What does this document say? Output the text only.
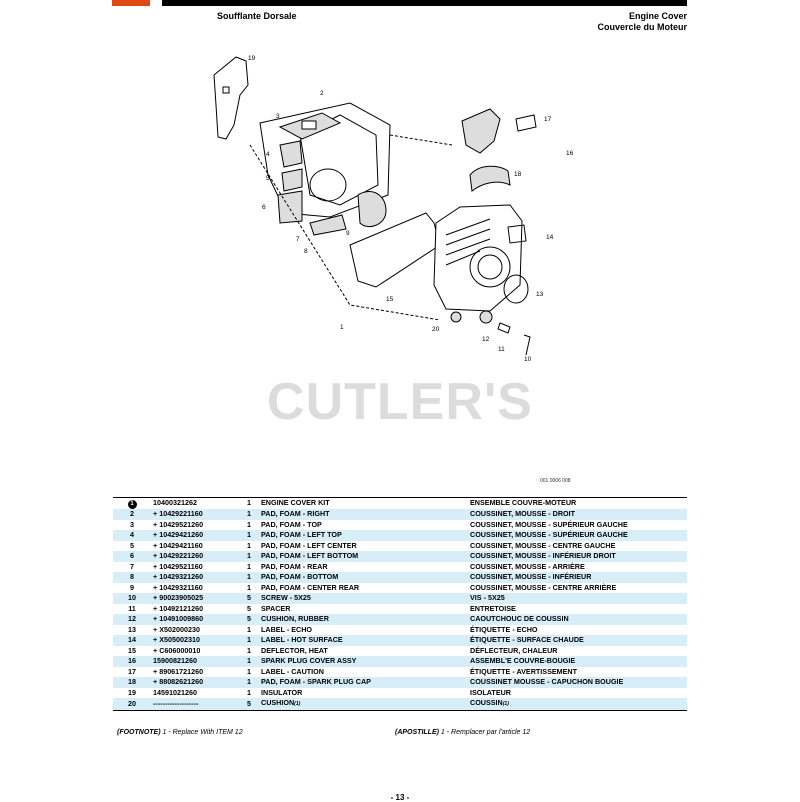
Soufflante Dorsale	Engine Cover
Couvercle du Moteur
19
2
3
4
5
6
7
8
9
17
16
18
14
13
15
1	20
12
11
10
CUTLER'S
001 0006 008
1	10400321262	1	ENGINE COVER KIT	ENSEMBLE COUVRE-MOTEUR
2	+ 10429221160	1	PAD, FOAM - RIGHT	COUSSINET, MOUSSE - DROIT
3	+ 10429521260	1	PAD, FOAM - TOP	COUSSINET, MOUSSE - SUPÉRIEUR GAUCHE
4	+ 10429421260	1	PAD, FOAM - LEFT TOP	COUSSINET, MOUSSE - SUPÉRIEUR GAUCHE
5	+ 10429421160	1	PAD, FOAM - LEFT CENTER	COUSSINET, MOUSSE - CENTRE GAUCHE
6	+ 10429221260	1	PAD, FOAM - LEFT BOTTOM	COUSSINET, MOUSSE - INFÉRIEUR DROIT
7	+ 10429521160	1	PAD, FOAM - REAR	COUSSINET, MOUSSE - ARRIÈRE
8	+ 10429321260	1	PAD, FOAM - BOTTOM	COUSSINET, MOUSSE - INFÉRIEUR
9	+ 10429321160	1	PAD, FOAM - CENTER REAR	COUSSINET, MOUSSE - CENTRE ARRIÈRE
10	+ 90023905025	5	SCREW - 5X25	VIS - 5X25
11	+ 10492121260	5	SPACER	ENTRETOISE
12	+ 10491009860	5	CUSHION, RUBBER	CAOUTCHOUC DE COUSSIN
13	+ X502000230	1	LABEL - ECHO	ÉTIQUETTE - ECHO
14	+ X505002310	1	LABEL - HOT SURFACE	ÉTIQUETTE - SURFACE CHAUDE
15	+ C606000010	1	DEFLECTOR, HEAT	DÉFLECTEUR, CHALEUR
16	15900821260	1	SPARK PLUG COVER ASSY	ASSEMBL'E COUVRE-BOUGIE
17	+ 89061721260	1	LABEL - CAUTION	ÉTIQUETTE - AVERTISSEMENT
18	+ 88082621260	1	PAD, FOAM - SPARK PLUG CAP	COUSSINET MOUSSE - CAPUCHON BOUGIE
19	14591021260	1	INSULATOR	ISOLATEUR
20	-------------------	5	CUSHION(1)	COUSSIN(1)
(FOOTNOTE) 1 - Replace With ITEM 12	(APOSTILLE) 1 - Remplacer par l'article 12
- 13 -
